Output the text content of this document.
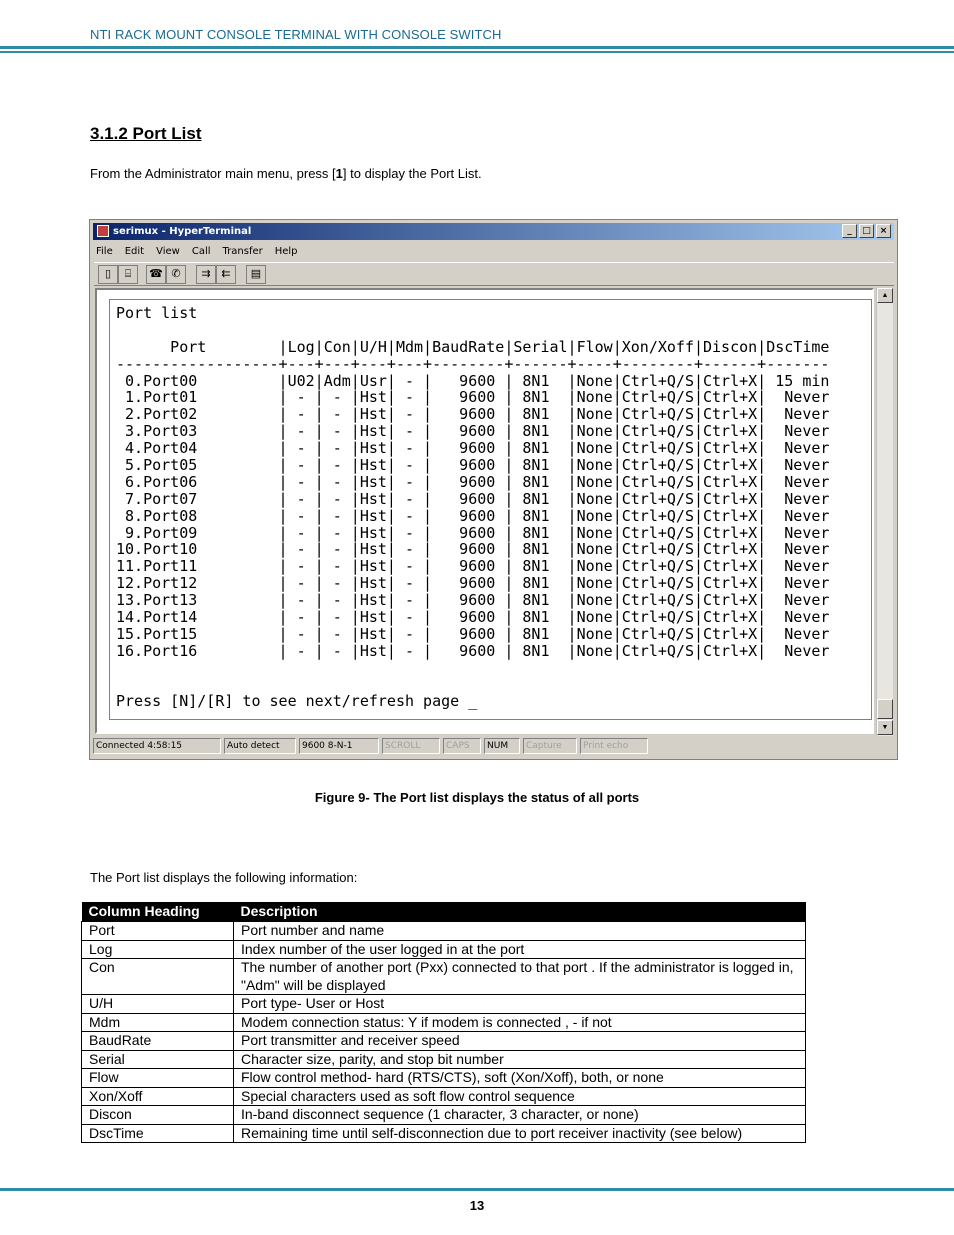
NTI RACK MOUNT CONSOLE TERMINAL WITH CONSOLE SWITCH
3.1.2 Port List

From the Administrator main menu, press [1] to display the Port List.

serimux - HyperTerminal	_	□ ×
File Edit View Call Transfer Help
▯	⌸	☎ ✆	⇉ ⇇	▤
Port list
Port        |Log|Con|U/H|Mdm|BaudRate|Serial|Flow|Xon/Xoff|Discon|DscTime
------------------+---+---+---+---+--------+------+----+--------+------+-------
0.Port00         |U02|Adm|Usr| - |   9600 | 8N1  |None|Ctrl+Q/S|Ctrl+X| 15 min
1.Port01         | - | - |Hst| - |   9600 | 8N1  |None|Ctrl+Q/S|Ctrl+X|  Never
2.Port02         | - | - |Hst| - |   9600 | 8N1  |None|Ctrl+Q/S|Ctrl+X|  Never
3.Port03         | - | - |Hst| - |   9600 | 8N1  |None|Ctrl+Q/S|Ctrl+X|  Never
4.Port04         | - | - |Hst| - |   9600 | 8N1  |None|Ctrl+Q/S|Ctrl+X|  Never
5.Port05         | - | - |Hst| - |   9600 | 8N1  |None|Ctrl+Q/S|Ctrl+X|  Never
6.Port06         | - | - |Hst| - |   9600 | 8N1  |None|Ctrl+Q/S|Ctrl+X|  Never
7.Port07         | - | - |Hst| - |   9600 | 8N1  |None|Ctrl+Q/S|Ctrl+X|  Never
8.Port08         | - | - |Hst| - |   9600 | 8N1  |None|Ctrl+Q/S|Ctrl+X|  Never
9.Port09         | - | - |Hst| - |   9600 | 8N1  |None|Ctrl+Q/S|Ctrl+X|  Never
10.Port10         | - | - |Hst| - |   9600 | 8N1  |None|Ctrl+Q/S|Ctrl+X|  Never
11.Port11         | - | - |Hst| - |   9600 | 8N1  |None|Ctrl+Q/S|Ctrl+X|  Never
12.Port12         | - | - |Hst| - |   9600 | 8N1  |None|Ctrl+Q/S|Ctrl+X|  Never
13.Port13         | - | - |Hst| - |   9600 | 8N1  |None|Ctrl+Q/S|Ctrl+X|  Never
14.Port14         | - | - |Hst| - |   9600 | 8N1  |None|Ctrl+Q/S|Ctrl+X|  Never
15.Port15         | - | - |Hst| - |   9600 | 8N1  |None|Ctrl+Q/S|Ctrl+X|  Never
16.Port16         | - | - |Hst| - |   9600 | 8N1  |None|Ctrl+Q/S|Ctrl+X|  Never
Press [N]/[R] to see next/refresh page _
▲
▼
Connected 4:58:15	Auto detect	9600 8-N-1	SCROLL	CAPS	NUM	Capture	Print echo
Figure 9- The Port list displays the status of all ports

The Port list displays the following information:

Column Heading	Description
Port	Port number and name
Log	Index number of the user logged in at the port
Con	The number of another port (Pxx) connected to that port . If the administrator is logged in, "Adm" will be displayed
U/H	Port type- User or Host
Mdm	Modem connection status: Y if modem is connected , - if not
BaudRate	Port transmitter and receiver speed
Serial	Character size, parity, and stop bit number
Flow	Flow control method- hard (RTS/CTS), soft (Xon/Xoff), both, or none
Xon/Xoff	Special characters used as soft flow control sequence
Discon	In-band disconnect sequence (1 character, 3 character, or none)
DscTime	Remaining time until self-disconnection due to port receiver inactivity (see below)
13
